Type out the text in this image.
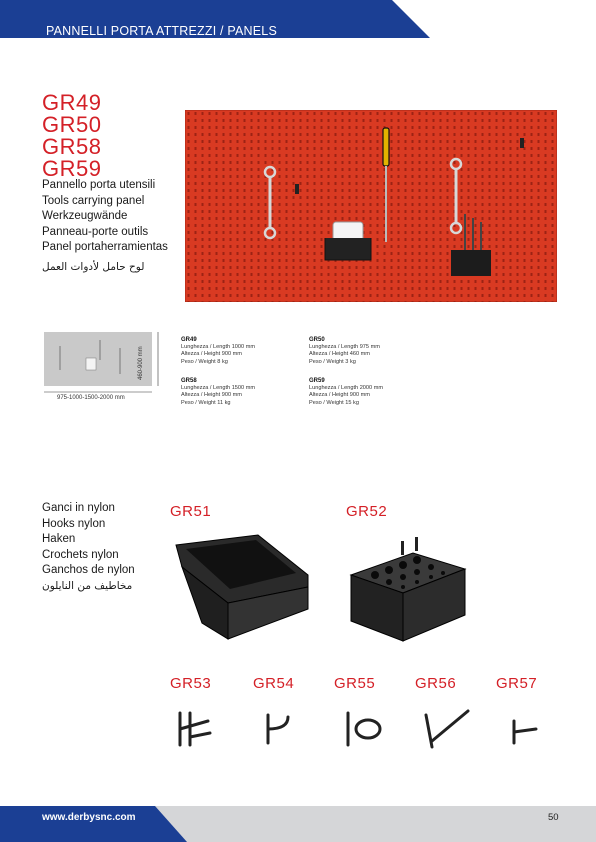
PANNELLI PORTA ATTREZZI / PANELS
GR49
GR50
GR58
GR59
Pannello porta utensili
Tools carrying panel
Werkzeugwände
Panneau-porte outils
Panel portaherramientas
لوح حامل لأدوات العمل
975-1000-1500-2000 mm
460-900 mm
GR49
Lunghezza / Length 1000 mm
Altezza / Height 900 mm
Peso / Weight 8 kg
GR50
Lunghezza / Length 975 mm
Altezza / Height 460 mm
Peso / Weight 3 kg
GR58
Lunghezza / Length 1500 mm
Altezza / Height 900 mm
Peso / Weight 11 kg
GR59
Lunghezza / Length 2000 mm
Altezza / Height 900 mm
Peso / Weight 15 kg
Ganci in nylon
Hooks nylon
Haken
Crochets nylon
Ganchos de nylon
مخاطيف من النايلون
GR51	GR52
GR53	GR54	GR55	GR56	GR57
www.derbysnc.com	50
